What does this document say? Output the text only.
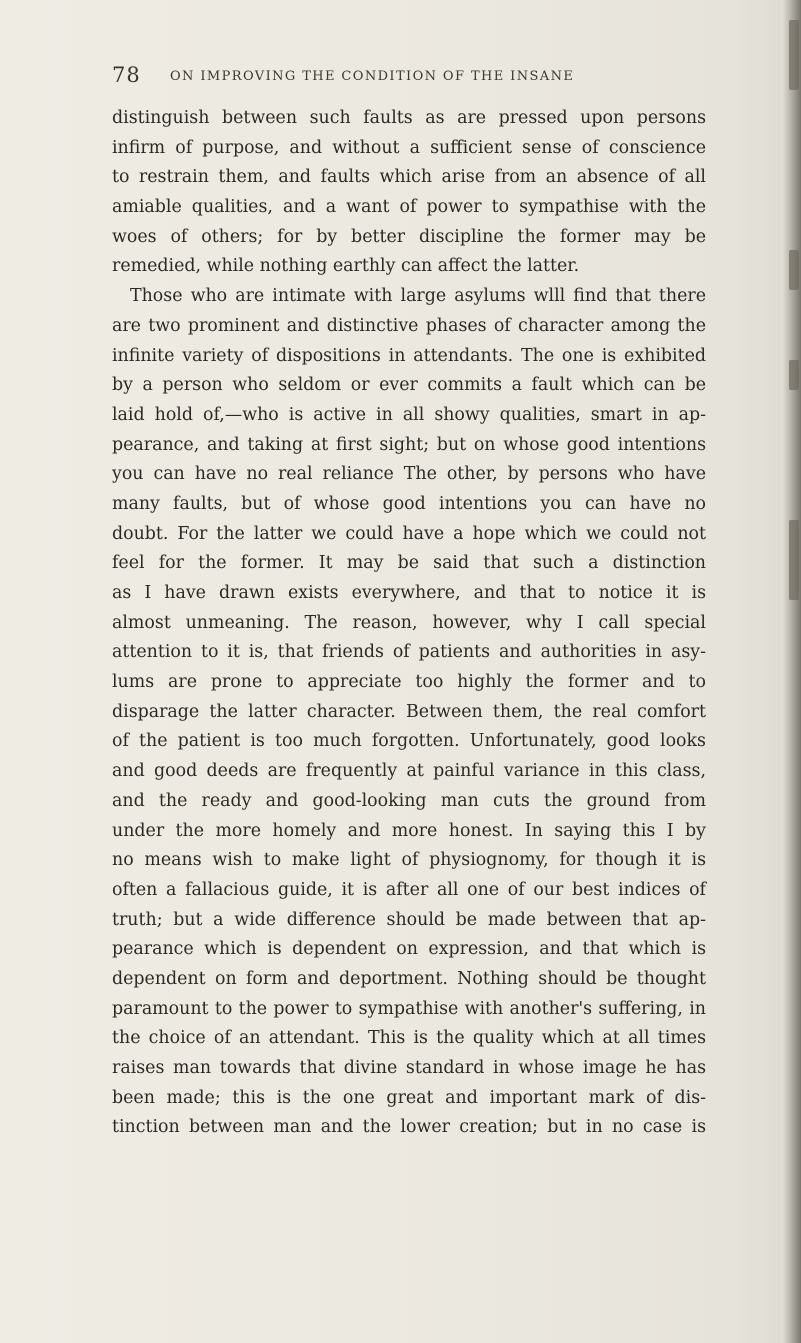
78 ON IMPROVING THE CONDITION OF THE INSANE
distinguish between such faults as are pressed upon persons
infirm of purpose, and without a sufficient sense of conscience
to restrain them, and faults which arise from an absence of all
amiable qualities, and a want of power to sympathise with the
woes of others; for by better discipline the former may be
remedied, while nothing earthly can affect the latter.
Those who are intimate with large asylums wlll find that there
are two prominent and distinctive phases of character among the
infinite variety of dispositions in attendants. The one is exhibited
by a person who seldom or ever commits a fault which can be
laid hold of,—who is active in all showy qualities, smart in ap-
pearance, and taking at first sight; but on whose good intentions
you can have no real reliance The other, by persons who have
many faults, but of whose good intentions you can have no
doubt. For the latter we could have a hope which we could not
feel for the former. It may be said that such a distinction
as I have drawn exists everywhere, and that to notice it is
almost unmeaning. The reason, however, why I call special
attention to it is, that friends of patients and authorities in asy-
lums are prone to appreciate too highly the former and to
disparage the latter character. Between them, the real comfort
of the patient is too much forgotten. Unfortunately, good looks
and good deeds are frequently at painful variance in this class,
and the ready and good-looking man cuts the ground from
under the more homely and more honest. In saying this I by
no means wish to make light of physiognomy, for though it is
often a fallacious guide, it is after all one of our best indices of
truth; but a wide difference should be made between that ap-
pearance which is dependent on expression, and that which is
dependent on form and deportment. Nothing should be thought
paramount to the power to sympathise with another's suffering, in
the choice of an attendant. This is the quality which at all times
raises man towards that divine standard in whose image he has
been made; this is the one great and important mark of dis-
tinction between man and the lower creation; but in no case is
